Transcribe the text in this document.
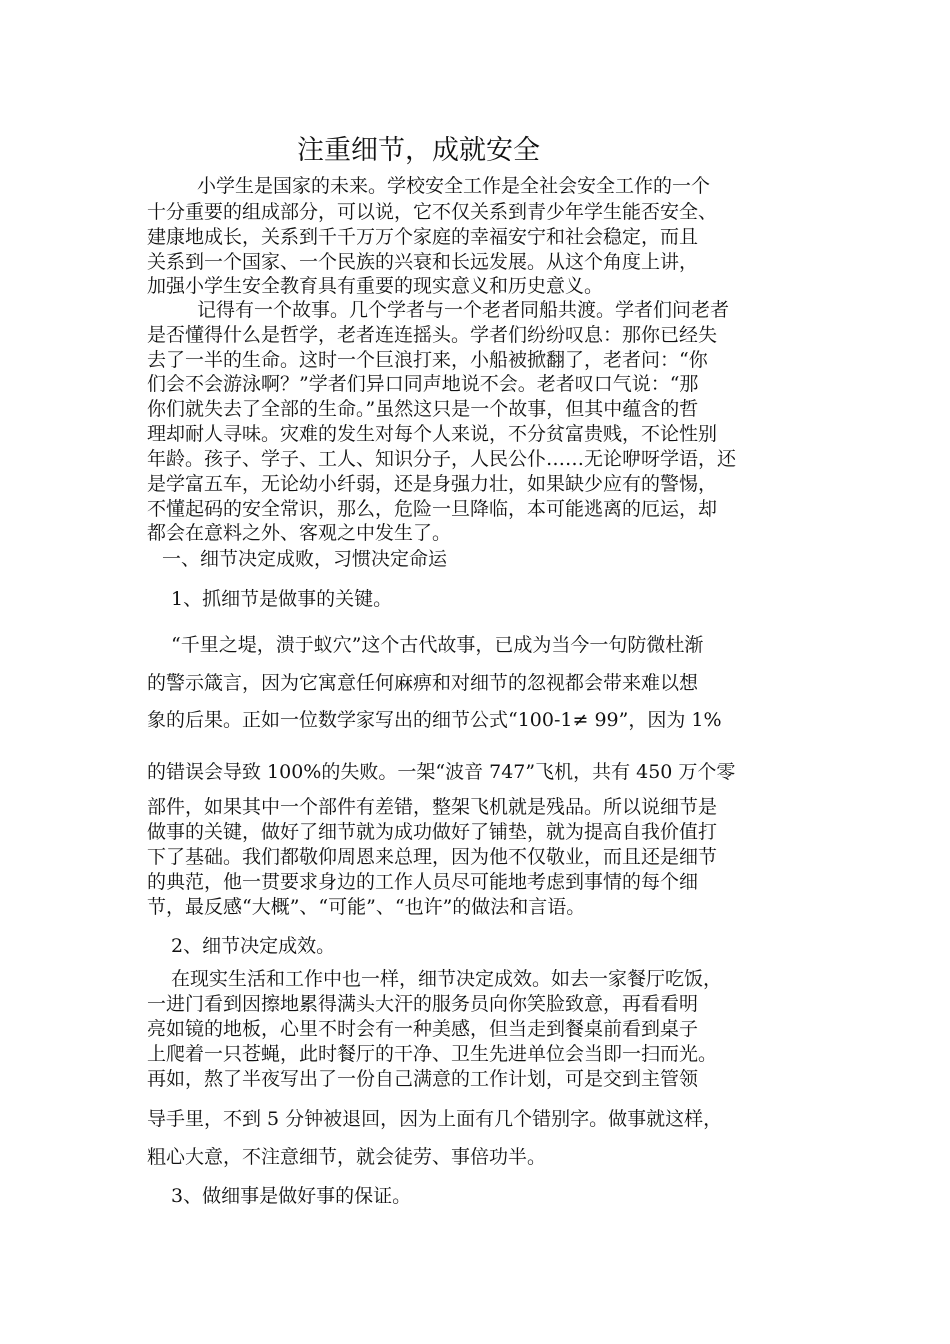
注重细节，成就安全
小学生是国家的未来。学校安全工作是全社会安全工作的一个
十分重要的组成部分，可以说，它不仅关系到青少年学生能否安全、
建康地成长，关系到千千万万个家庭的幸福安宁和社会稳定，而且
关系到一个国家、一个民族的兴衰和长远发展。从这个角度上讲，
加强小学生安全教育具有重要的现实意义和历史意义。
记得有一个故事。几个学者与一个老者同船共渡。学者们问老者
是否懂得什么是哲学，老者连连摇头。学者们纷纷叹息：那你已经失
去了一半的生命。这时一个巨浪打来，小船被掀翻了，老者问：“你
们会不会游泳啊？”学者们异口同声地说不会。老者叹口气说：“那
你们就失去了全部的生命。”虽然这只是一个故事，但其中蕴含的哲
理却耐人寻味。灾难的发生对每个人来说，不分贫富贵贱，不论性别
年龄。孩子、学子、工人、知识分子，人民公仆……无论咿呀学语，还
是学富五车，无论幼小纤弱，还是身强力壮，如果缺少应有的警惕，
不懂起码的安全常识，那么，危险一旦降临，本可能逃离的厄运，却
都会在意料之外、客观之中发生了。
一、细节决定成败，习惯决定命运
1、抓细节是做事的关键。
“千里之堤，溃于蚁穴”这个古代故事，已成为当今一句防微杜渐
的警示箴言，因为它寓意任何麻痹和对细节的忽视都会带来难以想
象的后果。正如一位数学家写出的细节公式“100-1≠ 99”，因为 1%
的错误会导致 100%的失败。一架“波音 747”飞机，共有 450 万个零
部件，如果其中一个部件有差错，整架飞机就是残品。所以说细节是
做事的关键，做好了细节就为成功做好了铺垫，就为提高自我价值打
下了基础。我们都敬仰周恩来总理，因为他不仅敬业，而且还是细节
的典范，他一贯要求身边的工作人员尽可能地考虑到事情的每个细
节，最反感“大概”、“可能”、“也许”的做法和言语。
2、细节决定成效。
在现实生活和工作中也一样，细节决定成效。如去一家餐厅吃饭，
一进门看到因擦地累得满头大汗的服务员向你笑脸致意，再看看明
亮如镜的地板，心里不时会有一种美感，但当走到餐桌前看到桌子
上爬着一只苍蝇，此时餐厅的干净、卫生先进单位会当即一扫而光。
再如，熬了半夜写出了一份自己满意的工作计划，可是交到主管领
导手里，不到 5 分钟被退回，因为上面有几个错别字。做事就这样，
粗心大意，不注意细节，就会徒劳、事倍功半。
3、做细事是做好事的保证。
